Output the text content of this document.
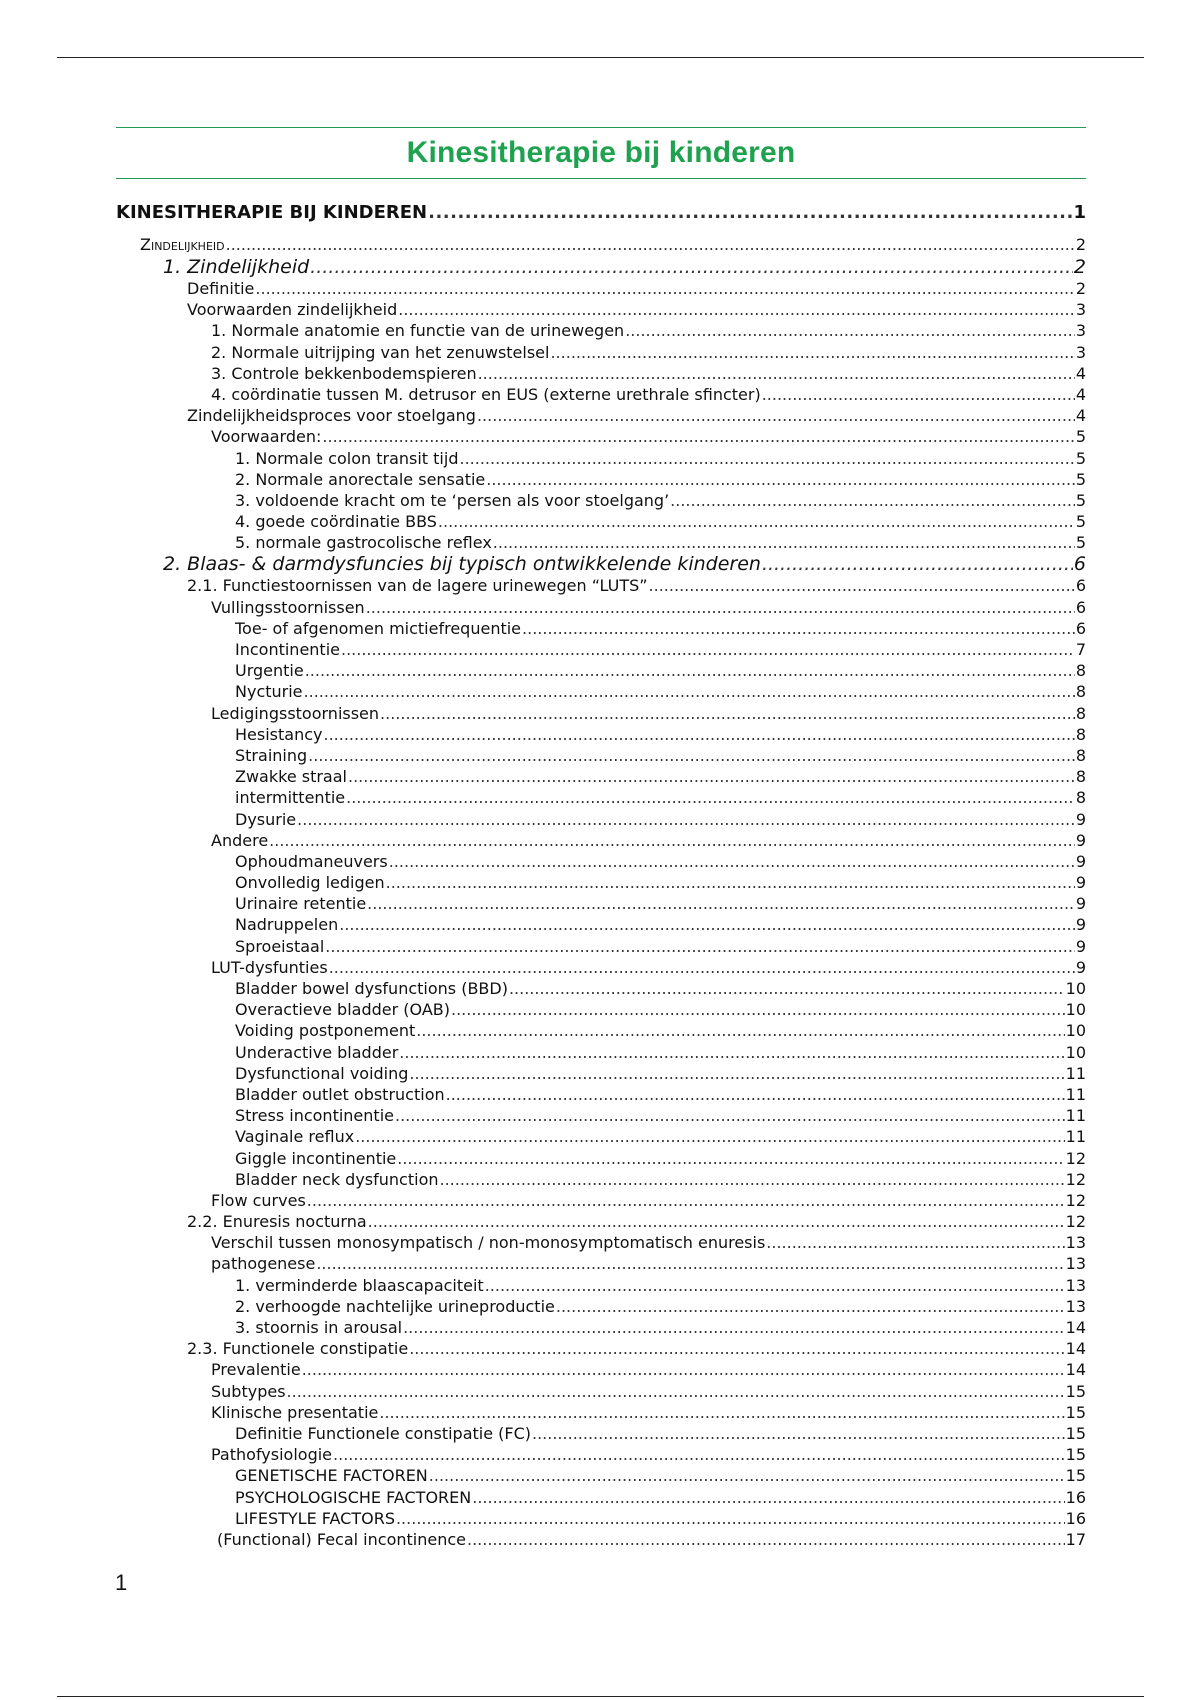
Kinesitherapie bij kinderen
KINESITHERAPIE BIJ KINDEREN .....	1
Zindelijkheid .....	2
1. Zindelijkheid .....	2
Definitie .....	2
Voorwaarden zindelijkheid .....	3
1. Normale anatomie en functie van de urinewegen .....	3
2. Normale uitrijping van het zenuwstelsel .....	3
3. Controle bekkenbodemspieren .....	4
4. coördinatie tussen M. detrusor en EUS (externe urethrale sfincter) .....	4
Zindelijkheidsproces voor stoelgang .....	4
Voorwaarden: .....	5
1. Normale colon transit tijd .....	5
2. Normale anorectale sensatie .....	5
3. voldoende kracht om te ‘persen als voor stoelgang’ .....	5
4. goede coördinatie BBS .....	5
5. normale gastrocolische reflex .....	5
2. Blaas- & darmdysfuncies bij typisch ontwikkelende kinderen .....	6
2.1. Functiestoornissen van de lagere urinewegen “LUTS” .....	6
Vullingsstoornissen .....	6
Toe- of afgenomen mictiefrequentie .....	6
Incontinentie .....	7
Urgentie .....	8
Nycturie .....	8
Ledigingsstoornissen .....	8
Hesistancy .....	8
Straining .....	8
Zwakke straal .....	8
intermittentie .....	8
Dysurie .....	9
Andere .....	9
Ophoudmaneuvers .....	9
Onvolledig ledigen .....	9
Urinaire retentie .....	9
Nadruppelen .....	9
Sproeistaal .....	9
LUT-dysfunties .....	9
Bladder bowel dysfunctions (BBD) .....	10
Overactieve bladder (OAB) .....	10
Voiding postponement .....	10
Underactive bladder .....	10
Dysfunctional voiding .....	11
Bladder outlet obstruction .....	11
Stress incontinentie .....	11
Vaginale reflux .....	11
Giggle incontinentie .....	12
Bladder neck dysfunction .....	12
Flow curves .....	12
2.2. Enuresis nocturna .....	12
Verschil tussen monosympatisch / non-monosymptomatisch enuresis .....	13
pathogenese .....	13
1. verminderde blaascapaciteit .....	13
2. verhoogde nachtelijke urineproductie .....	13
3. stoornis in arousal .....	14
2.3. Functionele constipatie .....	14
Prevalentie .....	14
Subtypes .....	15
Klinische presentatie .....	15
Definitie Functionele constipatie (FC) .....	15
Pathofysiologie .....	15
GENETISCHE FACTOREN .....	15
PSYCHOLOGISCHE FACTOREN .....	16
LIFESTYLE FACTORS .....	16
(Functional) Fecal incontinence .....	17
1
